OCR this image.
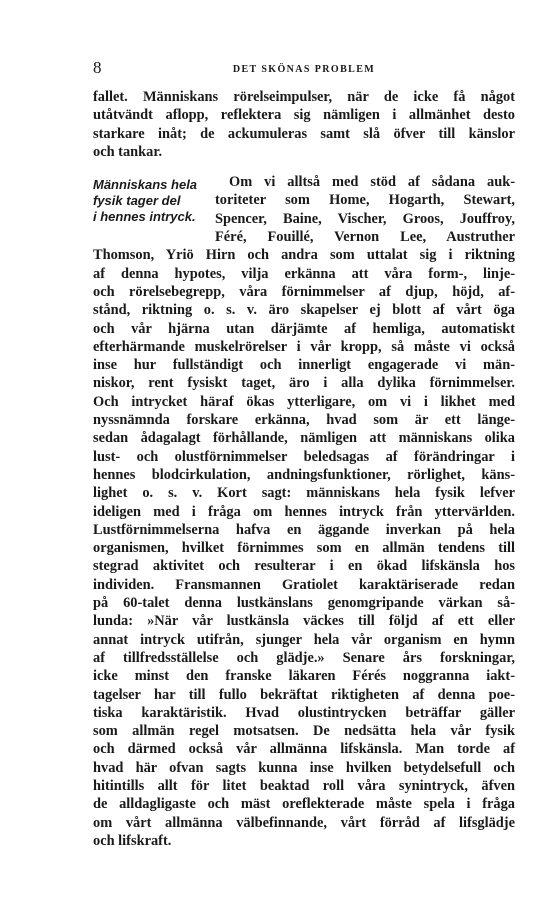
8	DET SKÖNAS PROBLEM
fallet. Människans rörelseimpulser, när de icke få något
utåtvändt aflopp, reflektera sig nämligen i allmänhet desto
starkare inåt; de ackumuleras samt slå öfver till känslor
och tankar.
Människans hela
fysik tager del
i hennes intryck.
Om vi alltså med stöd af sådana auk-
toriteter som Home, Hogarth, Stewart,
Spencer, Baine, Vischer, Groos, Jouffroy,
Féré, Fouillé, Vernon Lee, Austruther
Thomson, Yriö Hirn och andra som uttalat sig i riktning
af denna hypotes, vilja erkänna att våra form-, linje-
och rörelsebegrepp, våra förnimmelser af djup, höjd, af-
stånd, riktning o. s. v. äro skapelser ej blott af vårt öga
och vår hjärna utan därjämte af hemliga, automatiskt
efterhärmande muskelrörelser i vår kropp, så måste vi också
inse hur fullständigt och innerligt engagerade vi män-
niskor, rent fysiskt taget, äro i alla dylika förnimmelser.
Och intrycket häraf ökas ytterligare, om vi i likhet med
nyssnämnda forskare erkänna, hvad som är ett länge-
sedan ådagalagt förhållande, nämligen att människans olika
lust- och olustförnimmelser beledsagas af förändringar i
hennes blodcirkulation, andningsfunktioner, rörlighet, käns-
lighet o. s. v. Kort sagt: människans hela fysik lefver
ideligen med i fråga om hennes intryck från yttervärlden.
Lustförnimmelserna hafva en äggande inverkan på hela
organismen, hvilket förnimmes som en allmän tendens till
stegrad aktivitet och resulterar i en ökad lifskänsla hos
individen. Fransmannen Gratiolet karaktäriserade redan
på 60-talet denna lustkänslans genomgripande värkan så-
lunda: »När vår lustkänsla väckes till följd af ett eller
annat intryck utifrån, sjunger hela vår organism en hymn
af tillfredsställelse och glädje.» Senare års forskningar,
icke minst den franske läkaren Férés noggranna iakt-
tagelser har till fullo bekräftat riktigheten af denna poe-
tiska karaktäristik. Hvad olustintrycken beträffar gäller
som allmän regel motsatsen. De nedsätta hela vår fysik
och därmed också vår allmänna lifskänsla. Man torde af
hvad här ofvan sagts kunna inse hvilken betydelsefull och
hitintills allt för litet beaktad roll våra synintryck, äfven
de alldagligaste och mäst oreflekterade måste spela i fråga
om vårt allmänna välbefinnande, vårt förråd af lifsglädje
och lifskraft.
